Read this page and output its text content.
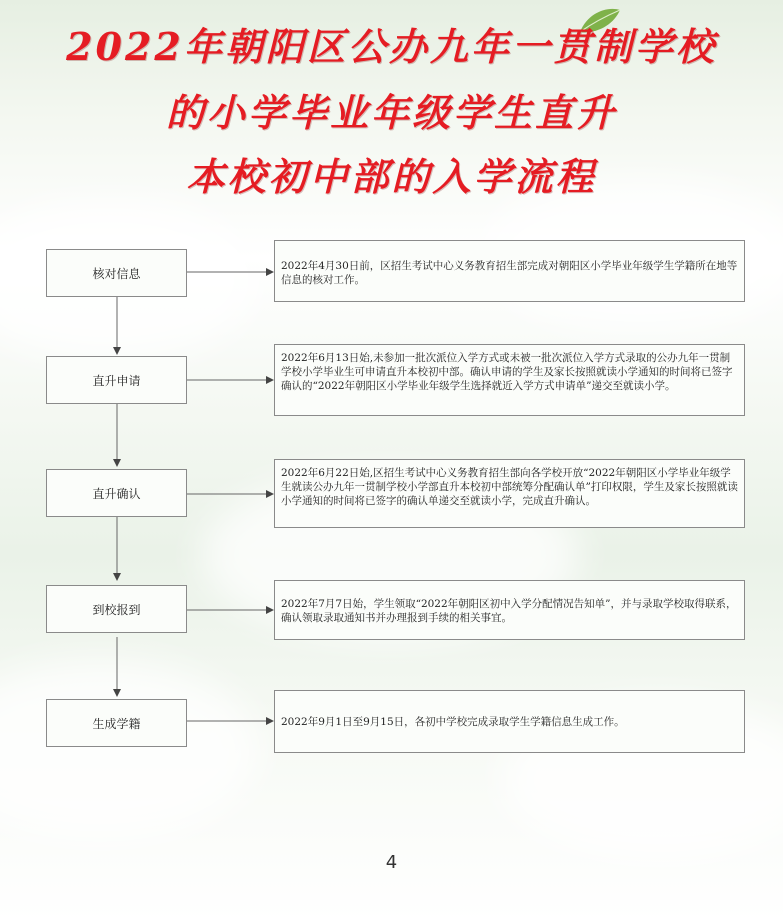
2022年朝阳区公办九年一贯制学校
的小学毕业年级学生直升
本校初中部的入学流程
核对信息
直升申请
直升确认
到校报到
生成学籍
2022年4月30日前，区招生考试中心义务教育招生部完成对朝阳区小学毕业年级学生学籍所在地等信息的核对工作。
2022年6月13日始,未参加一批次派位入学方式或未被一批次派位入学方式录取的公办九年一贯制学校小学毕业生可申请直升本校初中部。确认申请的学生及家长按照就读小学通知的时间将已签字确认的“2022年朝阳区小学毕业年级学生选择就近入学方式申请单”递交至就读小学。
2022年6月22日始,区招生考试中心义务教育招生部向各学校开放“2022年朝阳区小学毕业年级学生就读公办九年一贯制学校小学部直升本校初中部统筹分配确认单”打印权限，学生及家长按照就读小学通知的时间将已签字的确认单递交至就读小学，完成直升确认。
2022年7月7日始，学生领取“2022年朝阳区初中入学分配情况告知单”，并与录取学校取得联系，确认领取录取通知书并办理报到手续的相关事宜。
2022年9月1日至9月15日，各初中学校完成录取学生学籍信息生成工作。
4
